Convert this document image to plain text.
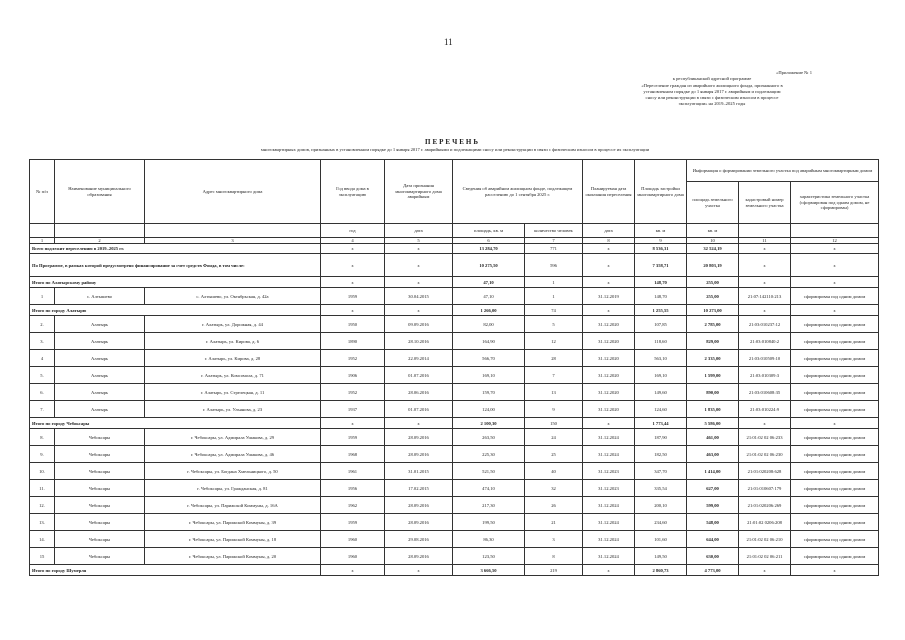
11
«Приложение № 1
к республиканской адресной программе
«Переселение граждан из аварийного жилищного фонда, признанного в
установленном порядке до 1 января 2017 г. аварийным и подлежащим
сносу или реконструкции в связи с физическим износом в процессе
эксплуатации» на 2019–2025 годы
ПЕРЕЧЕНЬ
многоквартирных домов, признанных в установленном порядке до 1 января 2017 г. аварийными и подлежащими сносу или реконструкции в связи с физическим износом в процессе их эксплуатации
№ п/п	Наименование муниципального образования	Адрес многоквартирного дома	Год ввода дома в эксплуатацию	Дата признания многоквартирного дома аварийным	Сведения об аварийном жилищном фонде, подлежащем расселению до 1 сентября 2025 г.		Планируемая дата окончания переселения	Площадь застройки многоквартирного дома	Информация о формировании земельного участка под аварийным многоквартирным домом		
									площадь земельного участка	кадастровый номер земельного участка	характеристика земельного участка (сформирован под одним домом, не сформирован)
			год	дата	площадь, кв. м	количество человек	дата	кв. м	кв. м		
1	2	3	4	5	6	7	8	9	10	11	12
Всего подлежит переселению в 2019–2025 гг.			х	х	13 284,70	771	х	8 536,31	32 524,19	х	х
По Программе, в рамках которой предусмотрено финансирование за счет средств Фонда, в том числе:			х	х	10 275,50	596	х	7 358,71	20 803,19	х	х
Итого по Алатырскому району			х	х	47,10	1	х	148,70	255,00	х	х
1	с. Алтышево	с. Алтышево, ул. Октябрьская, д. 42а	1959	30.04.2015	47,10	1	31.12.2019	148,70	255,00	21:07:142110:213	сформирован под одним домом
Итого по городу Алатырю			х	х	1 266,00	74	х	1 255,55	10 273,00	х	х
2.	Алатырь	г. Алатырь, ул. Дорожная, д. 44	1950	09.09.2016	82,00	5	31.12.2020	107,85	2 785,00	21:03:010237:12	сформирован под одним домом
3.	Алатырь	г. Алатырь, ул. Кирова, д. 6	1890	28.10.2016	164,90	12	31.12.2020	118,60	829,00	21:03:010840:2	сформирован под одним домом
4	Алатырь	г. Алатырь, ул. Кирова, д. 28	1952	22.09.2014	566,70	28	31.12.2020	563,10	2 335,00	21:03:010509:10	сформирован под одним домом
5.	Алатырь	г. Алатырь, ул. Комсомола, д. 71	1906	01.07.2016	169,10	7	31.12.2020	169,10	1 599,00	21:03:010309:3	сформирован под одним домом
6.	Алатырь	г. Алатырь, ул. Стрелецкая, д. 11	1952	28.06.2016	159,70	13	31.12.2020	149,60	890,00	21:03:010608:35	сформирован под одним домом
7.	Алатырь	г. Алатырь, ул. Ульянова, д. 23	1937	01.07.2016	124,00	9	31.12.2020	124,60	1 835,00	21:03:010224:9	сформирован под одним домом
Итого по городу Чебоксары			х	х	2 100,30	150	х	1 773,44	5 586,00	х	х
8.	Чебоксары	г. Чебоксары, ул. Адмирала Ушакова, д. 29	1959	28.09.2016	263,50	24	31.12.2024	187,90	461,00	21:01:02 02 06:233	сформирован под одним домом
9.	Чебоксары	г. Чебоксары, ул. Адмирала Ушакова, д. 46	1968	28.09.2016	225,30	25	31.12.2024	182,50	463,00	21:01:02 02 06:230	сформирован под одним домом
10.	Чебоксары	г. Чебоксары, ул. Богдана Хмельницкого, д. 50	1961	31.01.2015	521,50	40	31.12.2023	347,70	1 414,00	21:01:020208:628	сформирован под одним домом
11.	Чебоксары	г. Чебоксары, ул. Гражданская, д. 81	1956	17.02.2015	474,10	32	31.12.2023	335,54	627,00	21:01:010607:179	сформирован под одним домом
12.	Чебоксары	г. Чебоксары, ул. Парижской Коммуны, д. 16А	1962	28.09.2016	217,30	26	31.12.2024	200,10	599,00	21:01:020206:269	сформирован под одним домом
13.	Чебоксары	г. Чебоксары, ул. Парижской Коммуны, д. 39	1959	28.09.2016	199,50	21	31.12.2024	234,60	548,00	21:01:02 0206:208	сформирован под одним домом
14.	Чебоксары	г. Чебоксары, ул. Парижской Коммуны, д. 18	1960	29.08.2016	86,30	3	31.12.2024	101,60	644,00	21:01:02 02 06:210	сформирован под одним домом
15	Чебоксары	г. Чебоксары, ул. Парижской Коммуны, д. 20	1960	28.09.2016	123,50	8	31.12.2024	149,50	630,00	21:01:02 02 06:211	сформирован под одним домом
Итого по городу Шумерля			х	х	3 666,50	219	х	2 860,73	4 773,00	х	х
